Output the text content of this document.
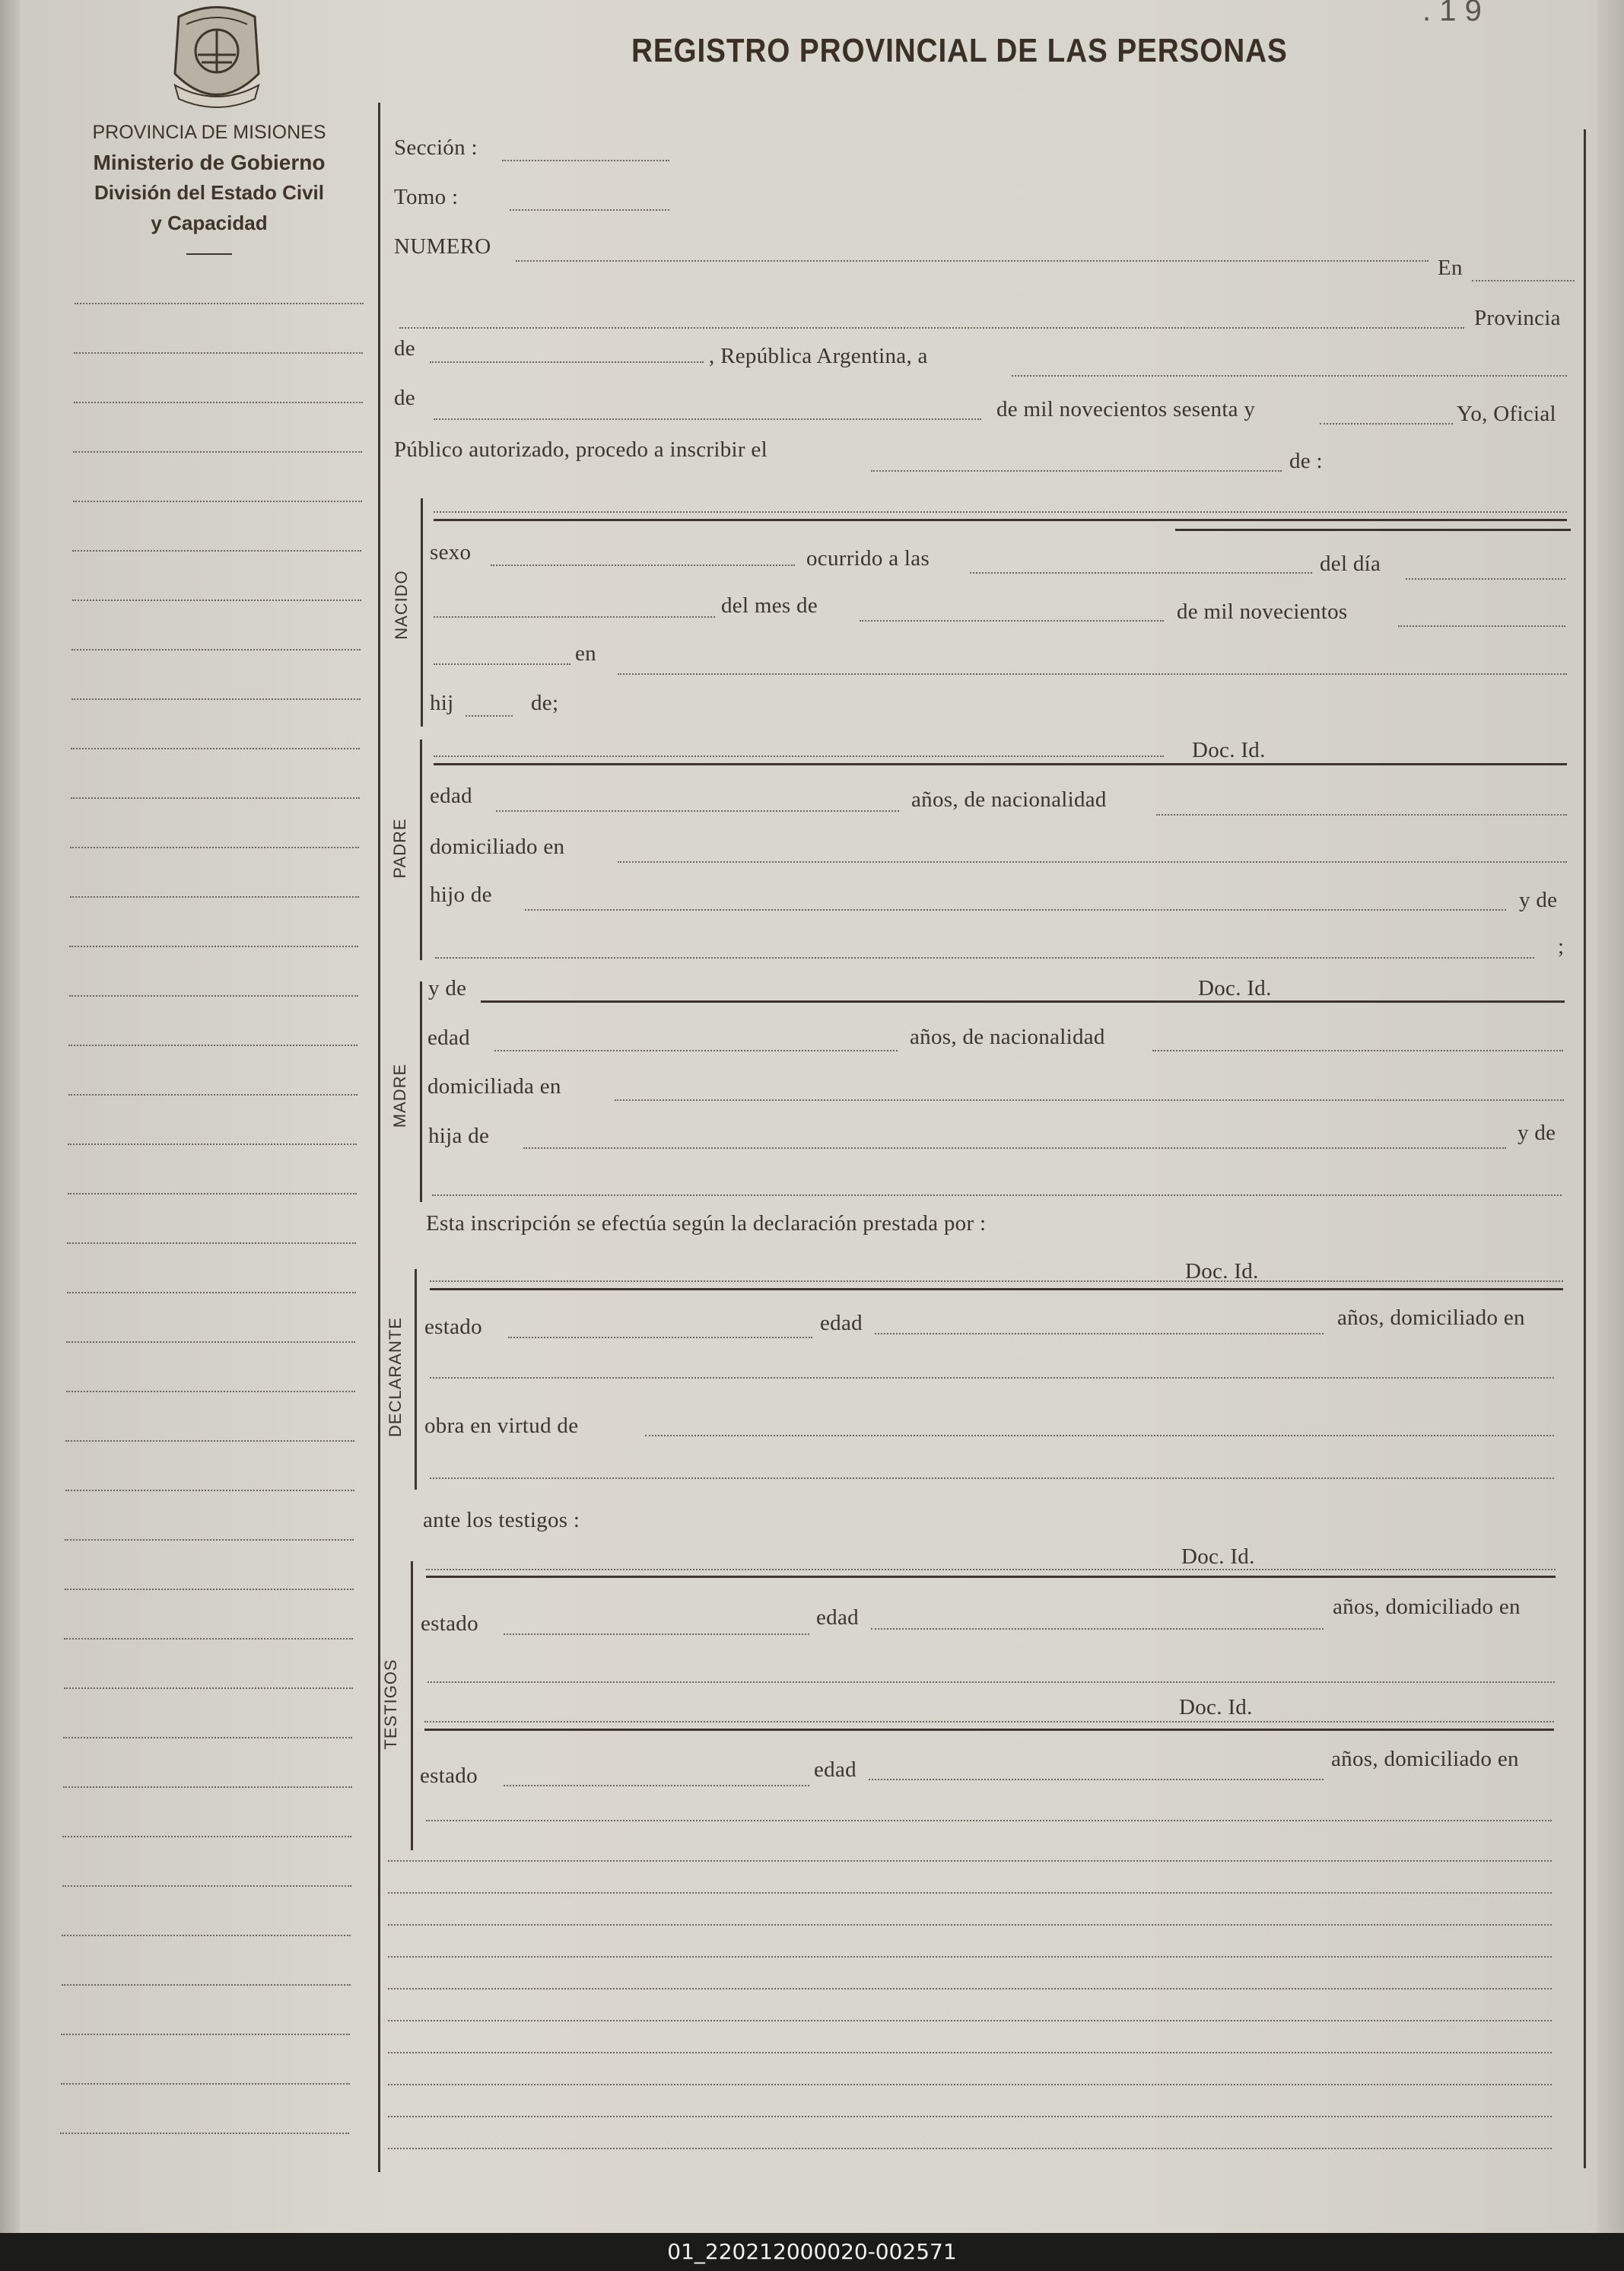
. 1 9
REGISTRO PROVINCIAL DE LAS PERSONAS
PROVINCIA DE MISIONES
Ministerio de Gobierno
División del Estado Civil
y Capacidad
Sección :
Tomo :
NUMERO
En
Provincia
de	, República Argentina, a
de	de mil novecientos sesenta y	Yo, Oficial
Público autorizado, procedo a inscribir el	de :
NACIDO
sexo	ocurrido a las	del día
del mes de	de mil novecientos
en
hij	de;
PADRE
Doc. Id.
edad	años, de nacionalidad
domiciliado en
hijo de	y de
;
MADRE
y de	Doc. Id.
edad	años, de nacionalidad
domiciliada en
hija de	y de
Esta inscripción se efectúa según la declaración prestada por :
DECLARANTE
Doc. Id.
estado	edad	años, domiciliado en
obra en virtud de
ante los testigos :
TESTIGOS
Doc. Id.
estado	edad	años, domiciliado en
Doc. Id.
estado	edad	años, domiciliado en
01_220212000020-002571
